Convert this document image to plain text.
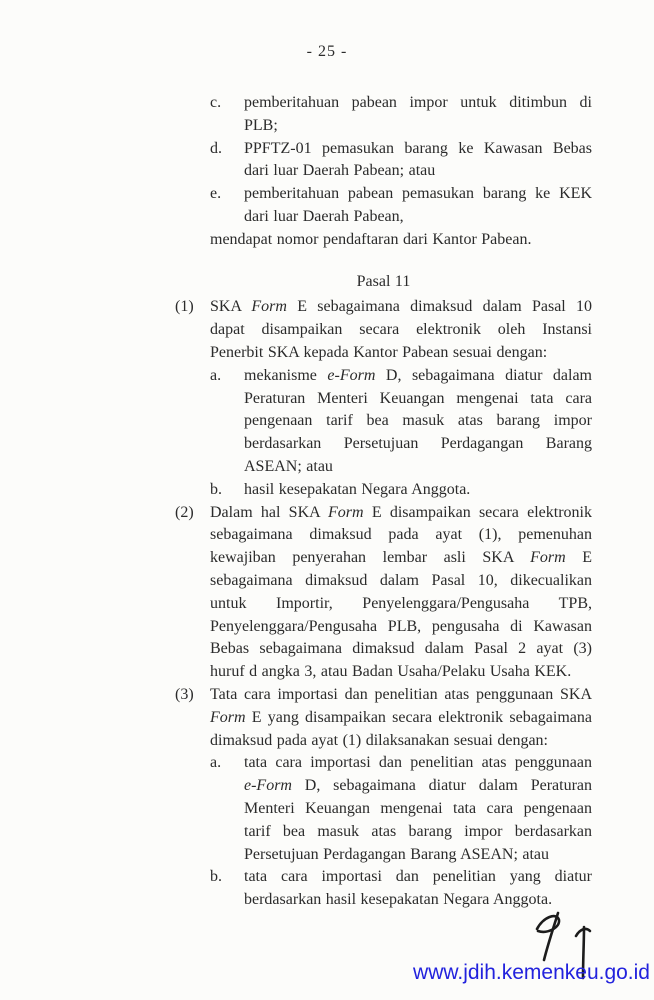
- 25 -
c.	pemberitahuan pabean impor untuk ditimbun di
PLB;
d.	PPFTZ-01 pemasukan barang ke Kawasan Bebas
dari luar Daerah Pabean; atau
e.	pemberitahuan pabean pemasukan barang ke KEK
dari luar Daerah Pabean,
mendapat nomor pendaftaran dari Kantor Pabean.
Pasal 11
(1)	SKA Form E sebagaimana dimaksud dalam Pasal 10
dapat disampaikan secara elektronik oleh Instansi
Penerbit SKA kepada Kantor Pabean sesuai dengan:
a.	mekanisme e-Form D, sebagaimana diatur dalam
Peraturan Menteri Keuangan mengenai tata cara
pengenaan tarif bea masuk atas barang impor
berdasarkan Persetujuan Perdagangan Barang
ASEAN; atau
b.	hasil kesepakatan Negara Anggota.
(2)	Dalam hal SKA Form E disampaikan secara elektronik
sebagaimana dimaksud pada ayat (1), pemenuhan
kewajiban penyerahan lembar asli SKA Form E
sebagaimana dimaksud dalam Pasal 10, dikecualikan
untuk Importir, Penyelenggara/Pengusaha TPB,
Penyelenggara/Pengusaha PLB, pengusaha di Kawasan
Bebas sebagaimana dimaksud dalam Pasal 2 ayat (3)
huruf d angka 3, atau Badan Usaha/Pelaku Usaha KEK.
(3)	Tata cara importasi dan penelitian atas penggunaan SKA
Form E yang disampaikan secara elektronik sebagaimana
dimaksud pada ayat (1) dilaksanakan sesuai dengan:
a.	tata cara importasi dan penelitian atas penggunaan
e-Form D, sebagaimana diatur dalam Peraturan
Menteri Keuangan mengenai tata cara pengenaan
tarif bea masuk atas barang impor berdasarkan
Persetujuan Perdagangan Barang ASEAN; atau
b.	tata cara importasi dan penelitian yang diatur
berdasarkan hasil kesepakatan Negara Anggota.
www.jdih.kemenkeu.go.id
